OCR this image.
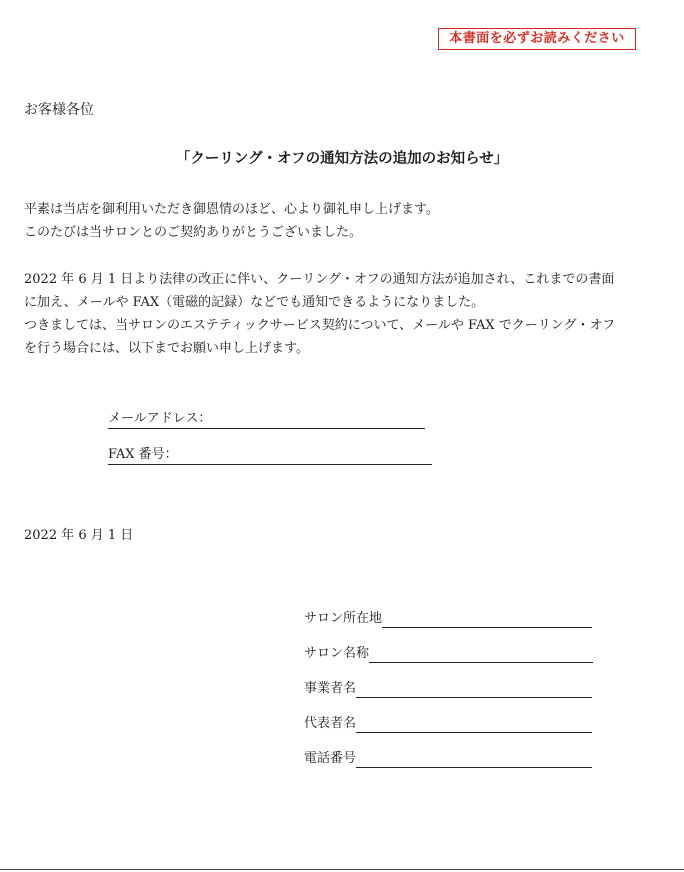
本書面を必ずお読みください
お客様各位
「クーリング・オフの通知方法の追加のお知らせ」
平素は当店を御利用いただき御恩情のほど、心より御礼申し上げます。
このたびは当サロンとのご契約ありがとうございました。
2022 年 6 月 1 日より法律の改正に伴い、クーリング・オフの通知方法が追加され、これまでの書面
に加え、メールや FAX（電磁的記録）などでも通知できるようになりました。
つきましては、当サロンのエステティックサービス契約について、メールや FAX でクーリング・オフ
を行う場合には、以下までお願い申し上げます。
メールアドレス：
FAX 番号：
2022 年 6 月 1 日
サロン所在地
サロン名称
事業者名
代表者名
電話番号
